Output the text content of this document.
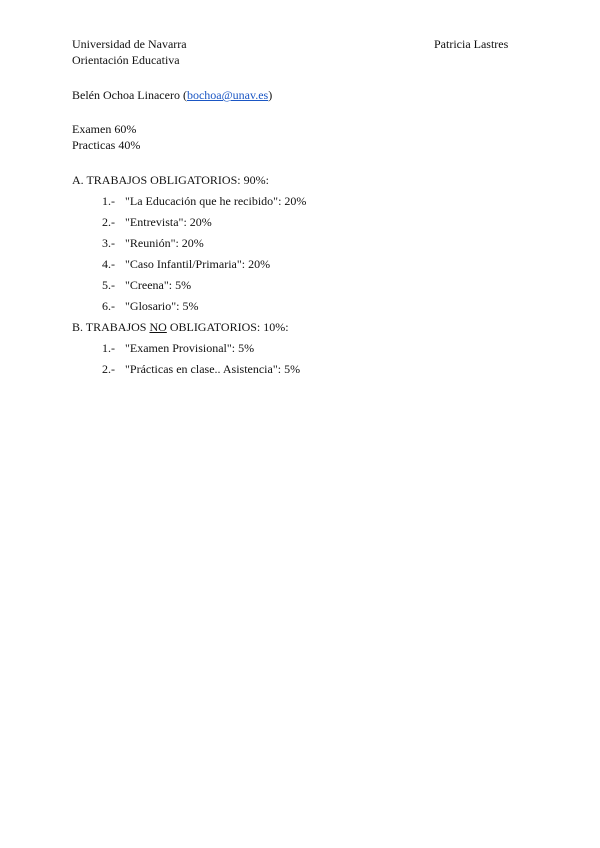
Universidad de Navarra
Orientación Educativa
Patricia Lastres
Belén Ochoa Linacero (bochoa@unav.es)
Examen 60%
Practicas 40%
A. TRABAJOS OBLIGATORIOS: 90%:
1.- "La Educación que he recibido": 20%
2.- "Entrevista": 20%
3.- "Reunión": 20%
4.- "Caso Infantil/Primaria": 20%
5.- "Creena": 5%
6.- "Glosario": 5%
B. TRABAJOS NO OBLIGATORIOS: 10%:
1.- "Examen Provisional": 5%
2.- "Prácticas en clase.. Asistencia": 5%
